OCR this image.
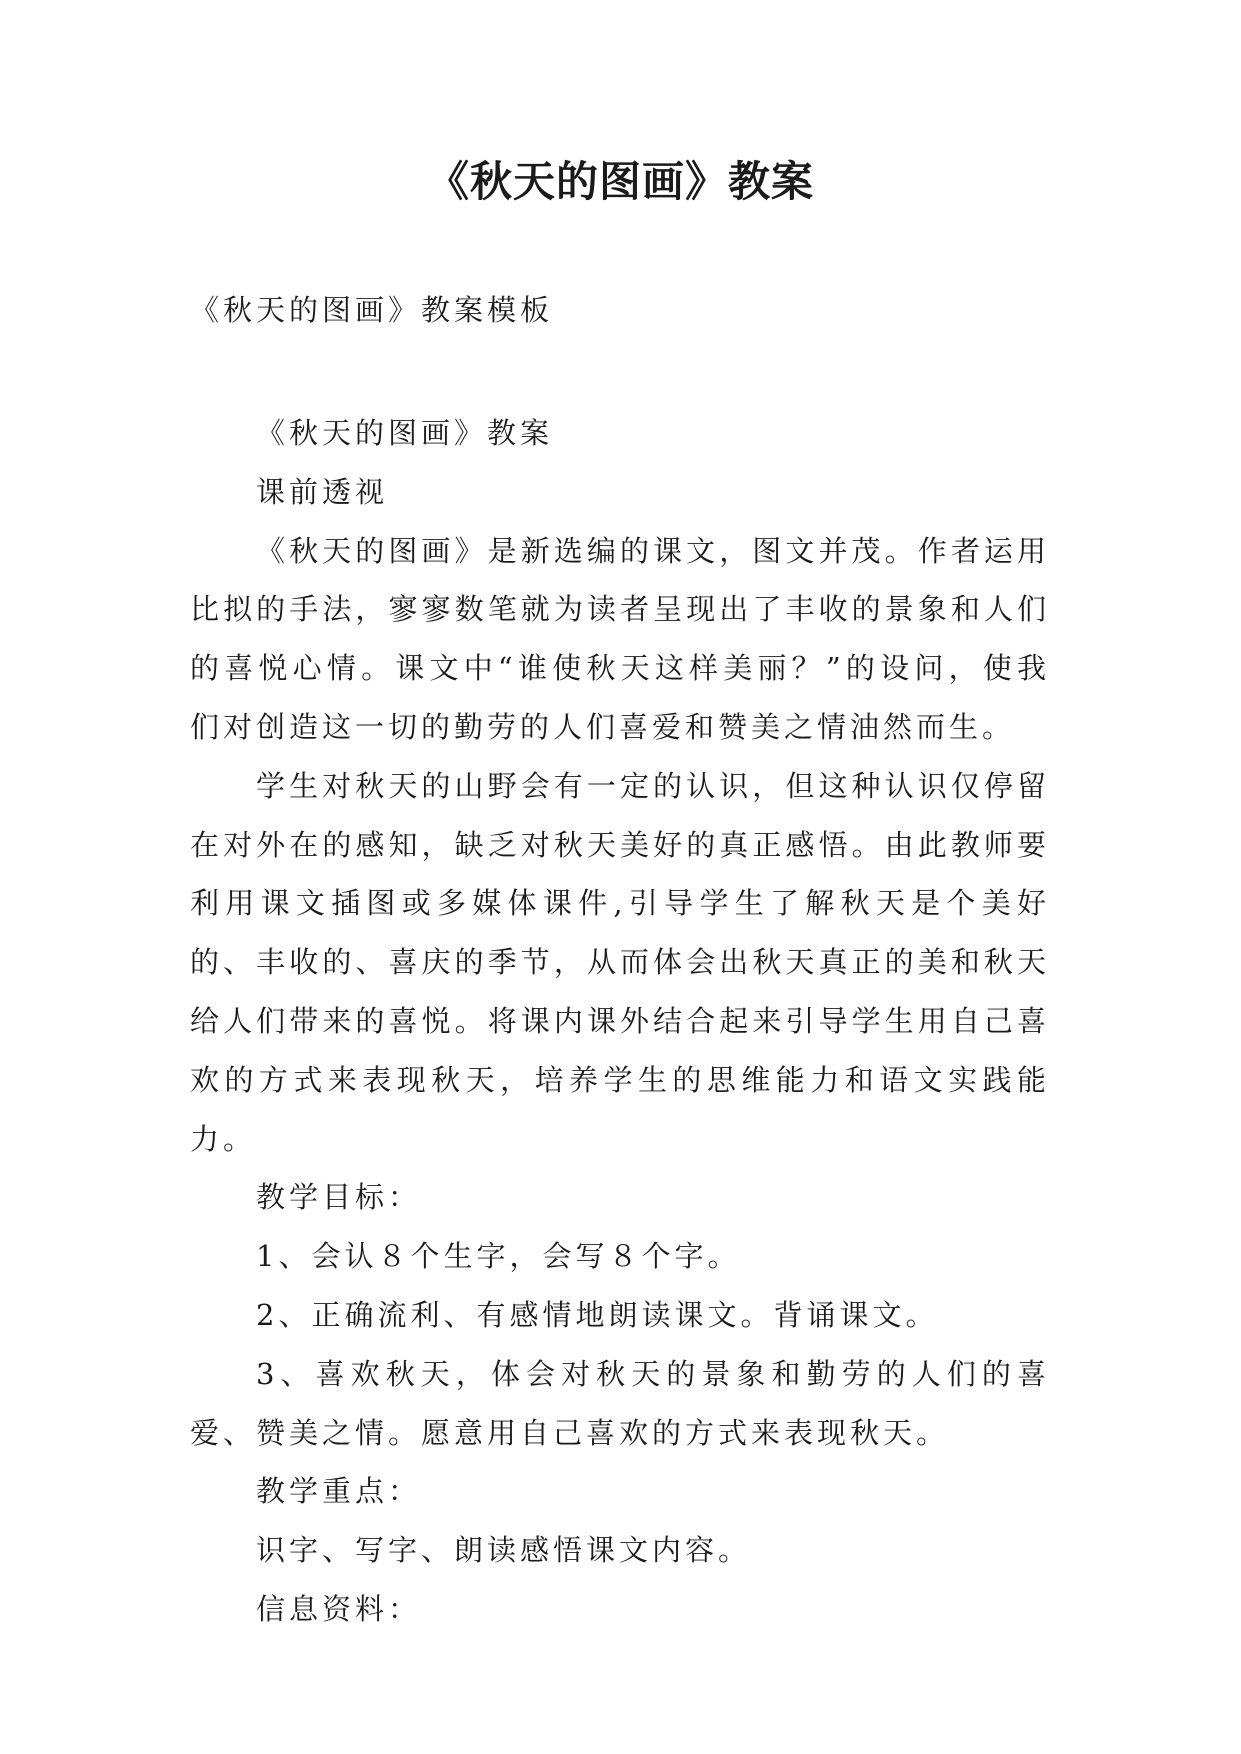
《秋天的图画》教案
《秋天的图画》教案模板

《秋天的图画》教案

课前透视

《秋天的图画》是新选编的课文，图文并茂。作者运用比拟的手法，寥寥数笔就为读者呈现出了丰收的景象和人们的喜悦心情。课文中“谁使秋天这样美丽？”的设问，使我们对创造这一切的勤劳的人们喜爱和赞美之情油然而生。

学生对秋天的山野会有一定的认识，但这种认识仅停留在对外在的感知，缺乏对秋天美好的真正感悟。由此教师要利用课文插图或多媒体课件,引导学生了解秋天是个美好的、丰收的、喜庆的季节，从而体会出秋天真正的美和秋天给人们带来的喜悦。将课内课外结合起来引导学生用自己喜欢的方式来表现秋天，培养学生的思维能力和语文实践能力。

教学目标：

1、会认８个生字，会写８个字。

2、正确流利、有感情地朗读课文。背诵课文。

3、喜欢秋天，体会对秋天的景象和勤劳的人们的喜爱、赞美之情。愿意用自己喜欢的方式来表现秋天。

教学重点：

识字、写字、朗读感悟课文内容。

信息资料：
